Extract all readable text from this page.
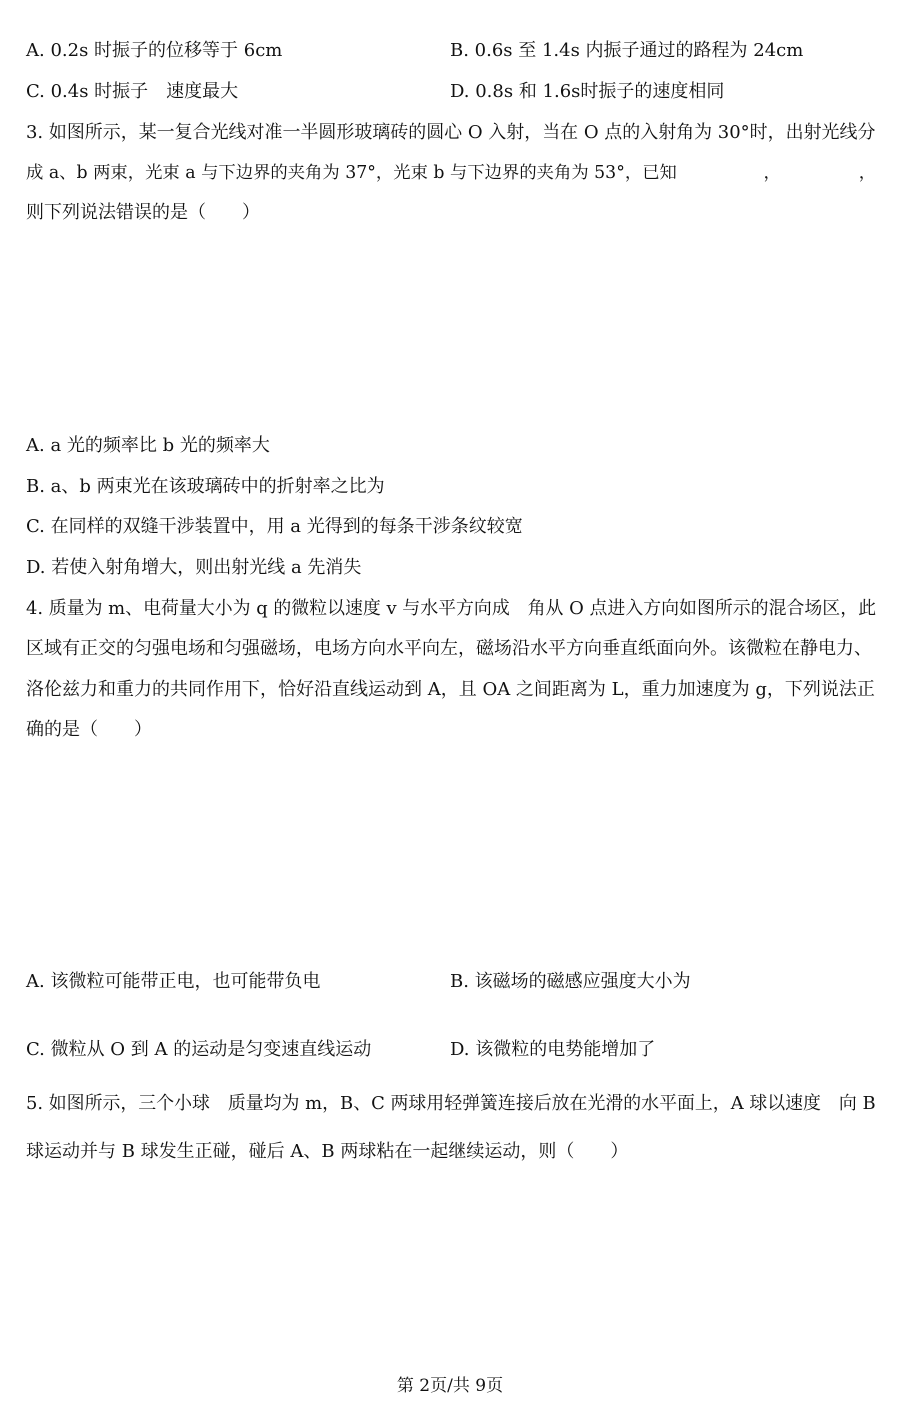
A. 0.2s 时振子的位移等于 6cm	B. 0.6s 至 1.4s 内振子通过的路程为 24cm
C. 0.4s 时振子　速度最大	D. 0.8s 和 1.6s时振子的速度相同
3. 如图所示，某一复合光线对准一半圆形玻璃砖的圆心 O 入射，当在 O 点的入射角为 30°时，出射光线分
成 a、b 两束，光束 a 与下边界的夹角为 37°，光束 b 与下边界的夹角为 53°，已知　　　　　，　　　　　，
则下列说法错误的是（　　）
A. a 光的频率比 b 光的频率大
B. a、b 两束光在该玻璃砖中的折射率之比为
C. 在同样的双缝干涉装置中，用 a 光得到的每条干涉条纹较宽
D. 若使入射角增大，则出射光线 a 先消失
4. 质量为 m、电荷量大小为 q 的微粒以速度 v 与水平方向成　角从 O 点进入方向如图所示的混合场区，此
区域有正交的匀强电场和匀强磁场，电场方向水平向左，磁场沿水平方向垂直纸面向外。该微粒在静电力、
洛伦兹力和重力的共同作用下，恰好沿直线运动到 A，且 OA 之间距离为 L，重力加速度为 g，下列说法正
确的是（　　）
A. 该微粒可能带正电，也可能带负电	B. 该磁场的磁感应强度大小为
C. 微粒从 O 到 A 的运动是匀变速直线运动	D. 该微粒的电势能增加了
5. 如图所示，三个小球　质量均为 m，B、C 两球用轻弹簧连接后放在光滑的水平面上，A 球以速度　向 B
球运动并与 B 球发生正碰，碰后 A、B 两球粘在一起继续运动，则（　　）
第 2页/共 9页
